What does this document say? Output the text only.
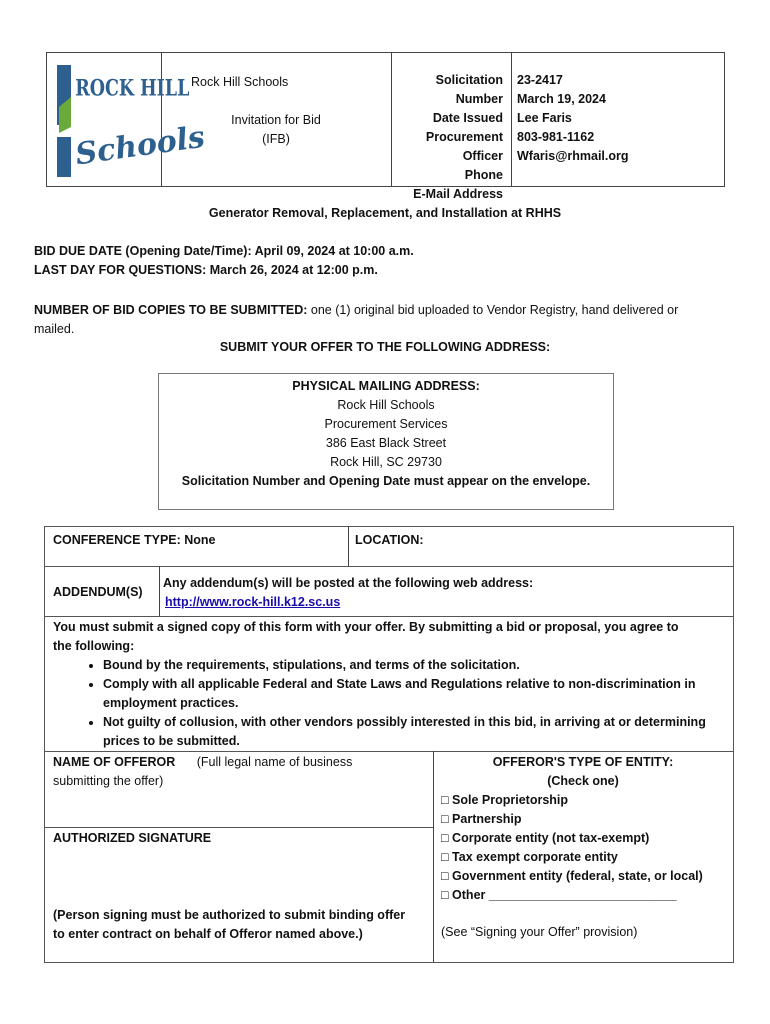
ROCK HILL
Schools
Rock Hill Schools
Invitation for Bid
(IFB)
Solicitation Number
Date Issued
Procurement Officer
Phone
E-Mail Address
23-2417
March 19, 2024
Lee Faris
803-981-1162
Wfaris@rhmail.org
Generator Removal, Replacement, and Installation at RHHS
BID DUE DATE (Opening Date/Time): April 09, 2024 at 10:00 a.m.
LAST DAY FOR QUESTIONS: March 26, 2024 at 12:00 p.m.
NUMBER OF BID COPIES TO BE SUBMITTED: one (1) original bid uploaded to Vendor Registry, hand delivered or
mailed.
SUBMIT YOUR OFFER TO THE FOLLOWING ADDRESS:
PHYSICAL MAILING ADDRESS:
Rock Hill Schools
Procurement Services
386 East Black Street
Rock Hill, SC 29730
Solicitation Number and Opening Date must appear on the envelope.
CONFERENCE TYPE: None	LOCATION:
ADDENDUM(S)
Any addendum(s) will be posted at the following web address:
http://www.rock-hill.k12.sc.us
You must submit a signed copy of this form with your offer. By submitting a bid or proposal, you agree to
the following:
• Bound by the requirements, stipulations, and terms of the solicitation.
• Comply with all applicable Federal and State Laws and Regulations relative to non-discrimination in employment practices.
• Not guilty of collusion, with other vendors possibly interested in this bid, in arriving at or determining prices to be submitted.
NAME OF OFFEROR (Full legal name of business
submitting the offer)
AUTHORIZED SIGNATURE
(Person signing must be authorized to submit binding offer
to enter contract on behalf of Offeror named above.)
OFFEROR'S TYPE OF ENTITY:
(Check one)
□ Sole Proprietorship
□ Partnership
□ Corporate entity (not tax-exempt)
□ Tax exempt corporate entity
□ Government entity (federal, state, or local)
□ Other ___________________________
(See “Signing your Offer” provision)
